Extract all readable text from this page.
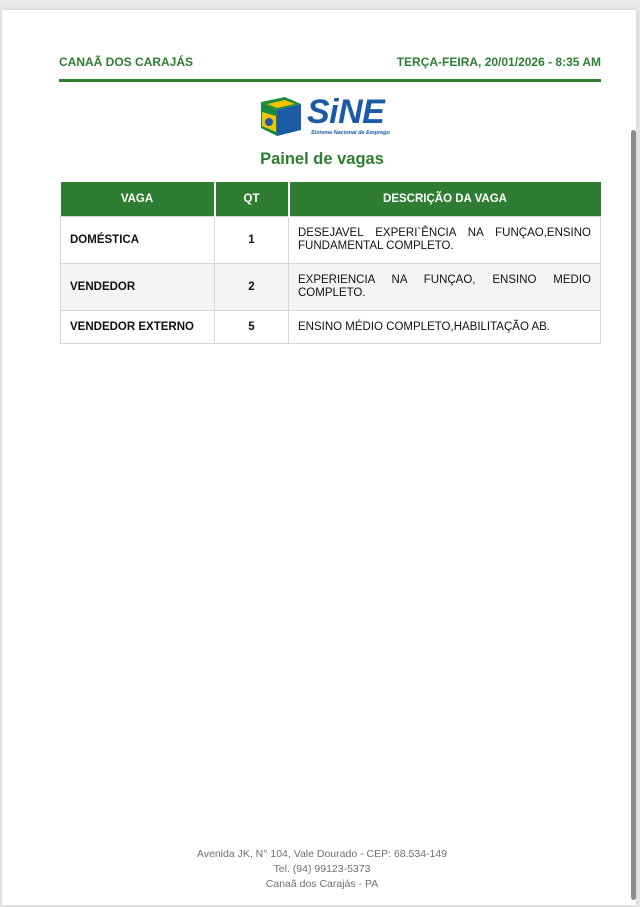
CANAÃ DOS CARAJÁS	TERÇA-FEIRA, 20/01/2026 - 8:35 AM
SiNE
Sistema Nacional de Emprego
Painel de vagas
VAGA	QT	DESCRIÇÃO DA VAGA
DOMÉSTICA	1	DESEJAVEL EXPERI`ÊNCIA NA FUNÇAO,ENSINO FUNDAMENTAL COMPLETO.
VENDEDOR	2	EXPERIENCIA NA FUNÇAO, ENSINO MEDIO COMPLETO.
VENDEDOR EXTERNO	5	ENSINO MÉDIO COMPLETO,HABILITAÇÃO AB.
Avenida JK, N° 104, Vale Dourado - CEP: 68.534-149
Tel. (94) 99123-5373
Canaã dos Carajás - PA
